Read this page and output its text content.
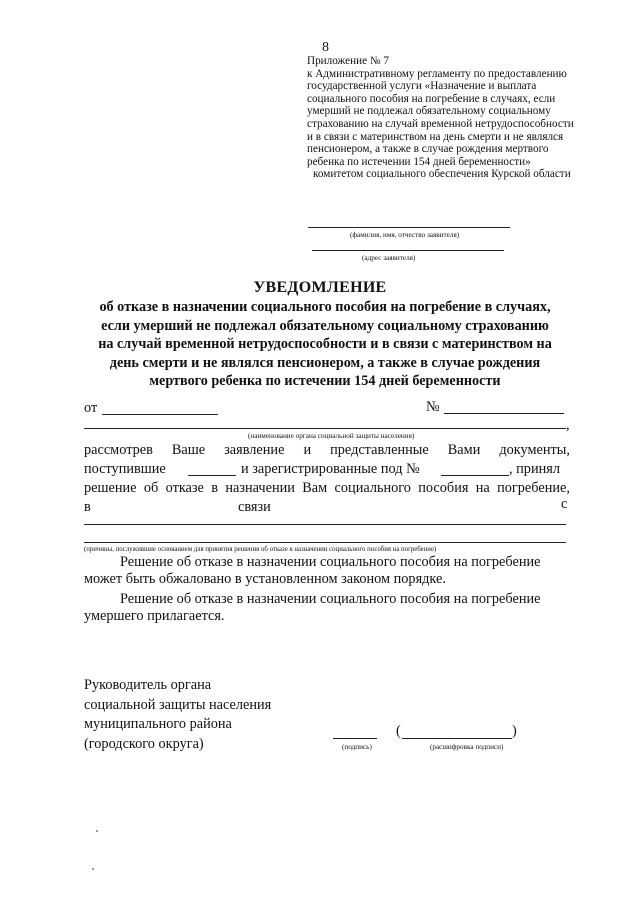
8
Приложение № 7
к Административному регламенту по предоставлению
государственной услуги «Назначение и выплата
социального пособия на погребение в случаях, если
умерший не подлежал обязательному социальному
страхованию на случай временной нетрудоспособности
и в связи с материнством на день смерти и не являлся
пенсионером, а также в случае рождения мертвого
ребенка по истечении 154 дней беременности»
комитетом социального обеспечения Курской области
(фамилия, имя, отчество заявителя)
(адрес заявителя)
УВЕДОМЛЕНИЕ
об отказе в назначении социального пособия на погребение в случаях,
если умерший не подлежал обязательному социальному страхованию
на случай временной нетрудоспособности и в связи с материнством на
день смерти и не являлся пенсионером, а также в случае рождения
мертвого ребенка по истечении 154 дней беременности
от	№
,
(наименование органа социальной защиты населения)
рассмотрев Ваше заявление и представленные Вами документы,
поступившие	и зарегистрированные под №	, принял
решение об отказе в назначении Вам социального пособия на погребение,
в	связи	с
(причины, послужившие основанием для принятия решения об отказе в назначении социального пособия на погребение)
Решение об отказе в назначении социального пособия на погребение
может быть обжаловано в установленном законом порядке.
Решение об отказе в назначении социального пособия на погребение
умершего прилагается.
Руководитель органа
социальной защиты населения
муниципального района
(городского округа)	(подпись)
(	)
(расшифровка подписи)
